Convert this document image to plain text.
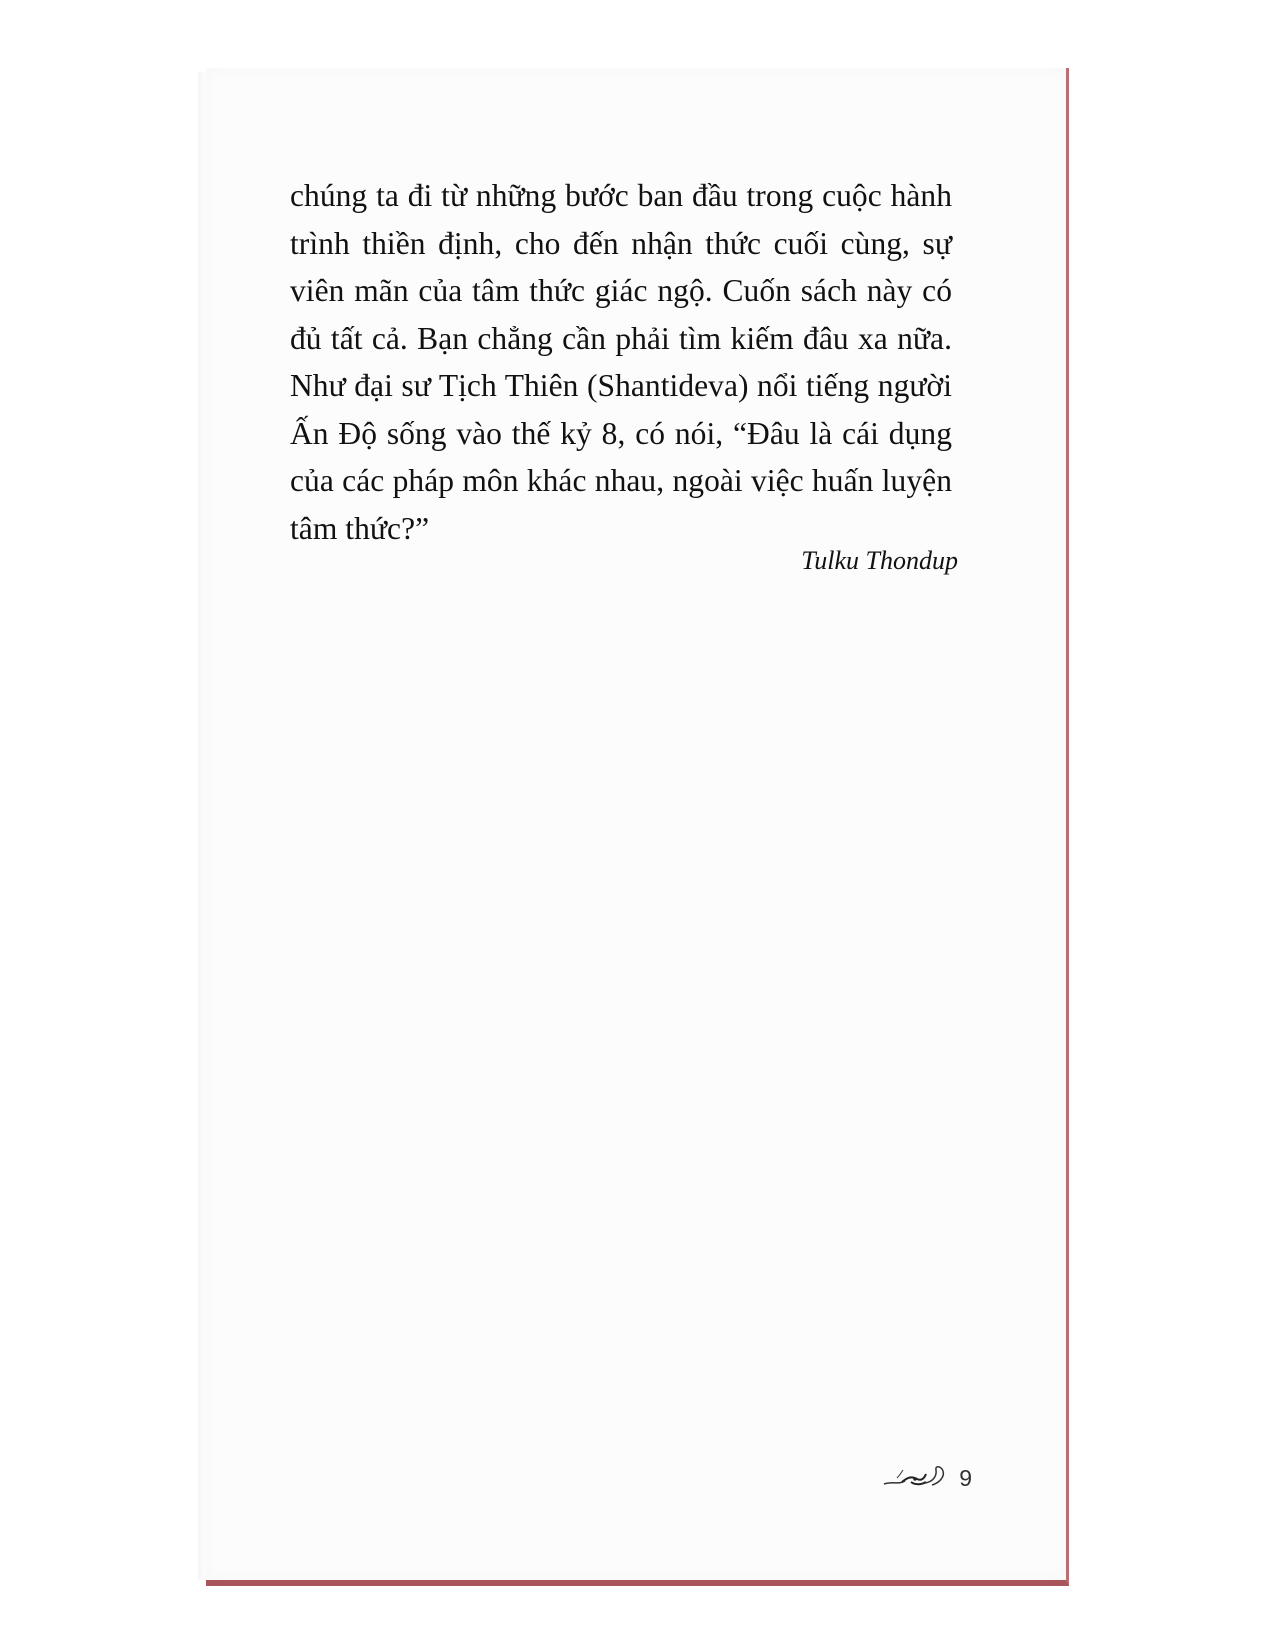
chúng ta đi từ những bước ban đầu trong cuộc hành trình thiền định, cho đến nhận thức cuối cùng, sự viên mãn của tâm thức giác ngộ. Cuốn sách này có đủ tất cả. Bạn chẳng cần phải tìm kiếm đâu xa nữa. Như đại sư Tịch Thiên (Shantideva) nổi tiếng người Ấn Độ sống vào thế kỷ 8, có nói, “Đâu là cái dụng của các pháp môn khác nhau, ngoài việc huấn luyện tâm thức?”

Tulku Thondup

9
